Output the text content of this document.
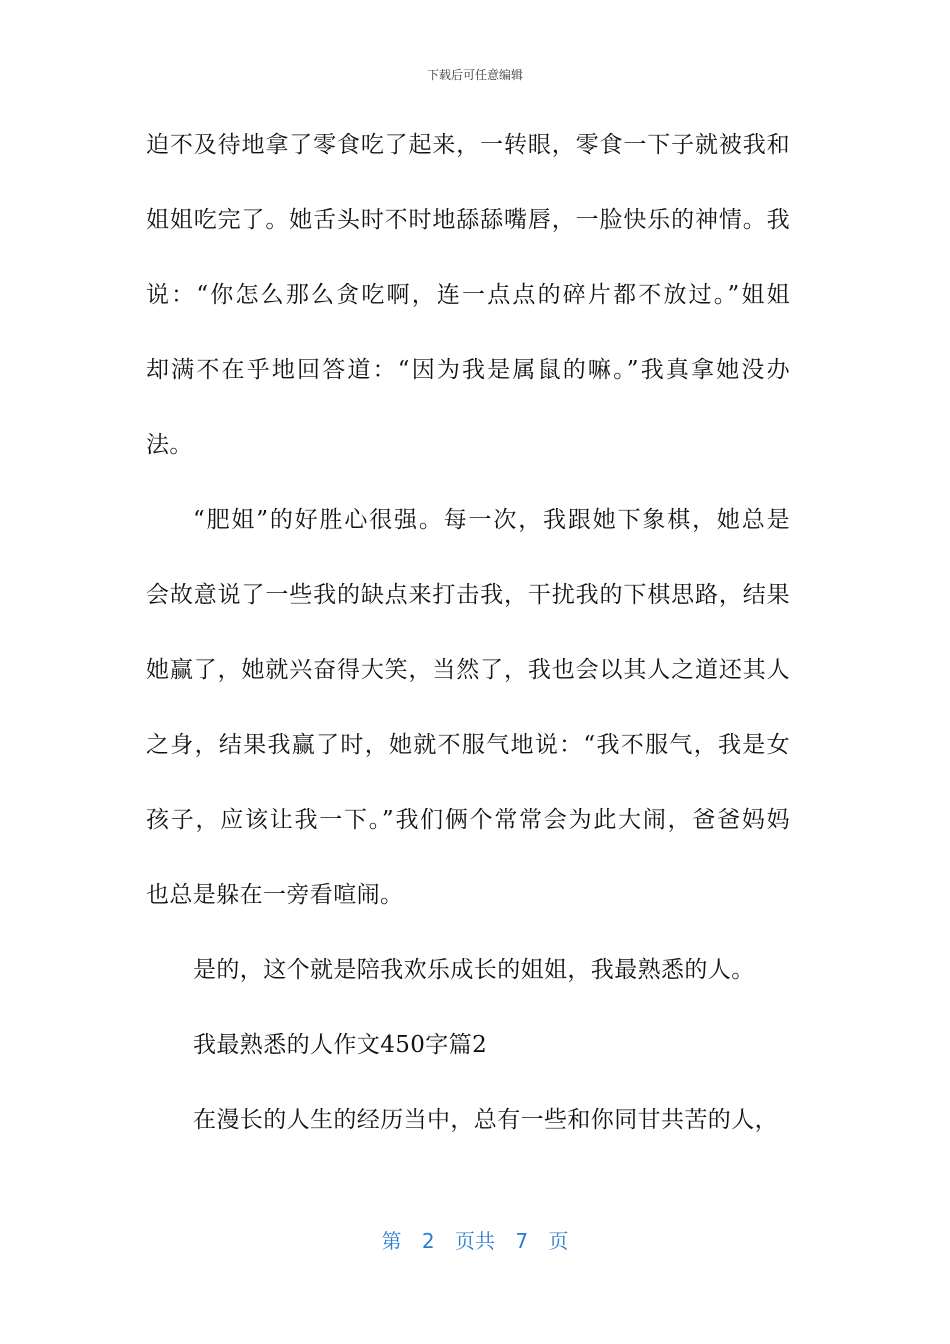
下载后可任意编辑
迫不及待地拿了零食吃了起来，一转眼，零食一下子就被我和
姐姐吃完了。她舌头时不时地舔舔嘴唇，一脸快乐的神情。我
说：“你怎么那么贪吃啊，连一点点的碎片都不放过。”姐姐
却满不在乎地回答道：“因为我是属鼠的嘛。”我真拿她没办
法。
“肥姐”的好胜心很强。每一次，我跟她下象棋，她总是
会故意说了一些我的缺点来打击我，干扰我的下棋思路，结果
她赢了，她就兴奋得大笑，当然了，我也会以其人之道还其人
之身，结果我赢了时，她就不服气地说：“我不服气，我是女
孩子，应该让我一下。”我们俩个常常会为此大闹，爸爸妈妈
也总是躲在一旁看喧闹。
是的，这个就是陪我欢乐成长的姐姐，我最熟悉的人。
我最熟悉的人作文450字篇2
在漫长的人生的经历当中，总有一些和你同甘共苦的人，
第 2 页共 7 页
